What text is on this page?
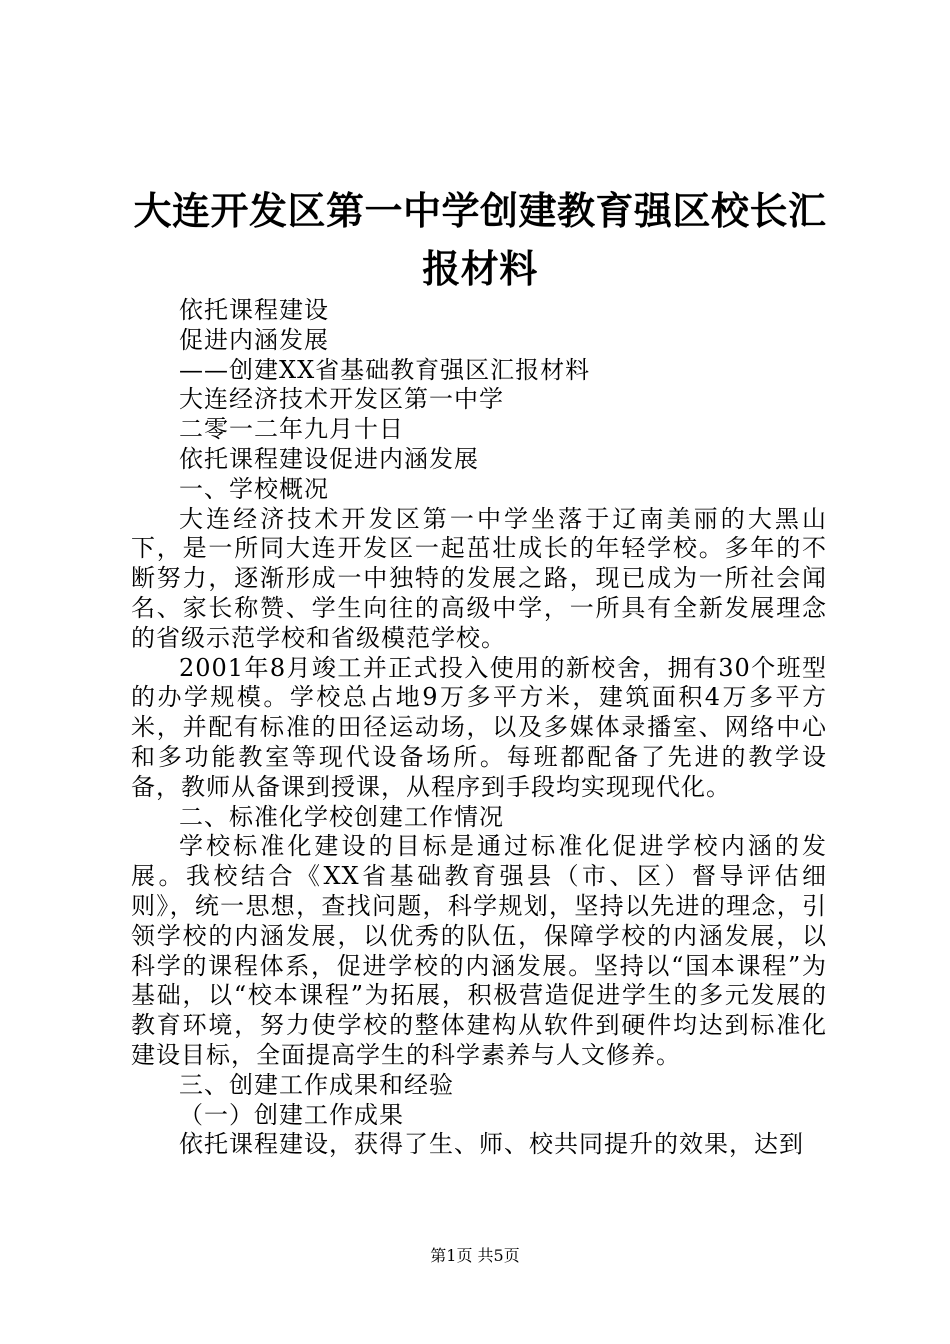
大连开发区第一中学创建教育强区校长汇报材料

依托课程建设

促进内涵发展

——创建XX省基础教育强区汇报材料

大连经济技术开发区第一中学

二零一二年九月十日

依托课程建设促进内涵发展

一、学校概况

大连经济技术开发区第一中学坐落于辽南美丽的大黑山下，是一所同大连开发区一起茁壮成长的年轻学校。多年的不断努力，逐渐形成一中独特的发展之路，现已成为一所社会闻名、家长称赞、学生向往的高级中学，一所具有全新发展理念的省级示范学校和省级模范学校。

2001年8月竣工并正式投入使用的新校舍，拥有30个班型的办学规模。学校总占地9万多平方米，建筑面积4万多平方米，并配有标准的田径运动场，以及多媒体录播室、网络中心和多功能教室等现代设备场所。每班都配备了先进的教学设备，教师从备课到授课，从程序到手段均实现现代化。

二、标准化学校创建工作情况

学校标准化建设的目标是通过标准化促进学校内涵的发展。我校结合《XX省基础教育强县（市、区）督导评估细则》，统一思想，查找问题，科学规划，坚持以先进的理念，引领学校的内涵发展，以优秀的队伍，保障学校的内涵发展，以科学的课程体系，促进学校的内涵发展。坚持以“国本课程”为基础，以“校本课程”为拓展，积极营造促进学生的多元发展的教育环境，努力使学校的整体建构从软件到硬件均达到标准化建设目标，全面提高学生的科学素养与人文修养。

三、创建工作成果和经验

（一）创建工作成果

依托课程建设，获得了生、师、校共同提升的效果，达到

第1页 共5页
